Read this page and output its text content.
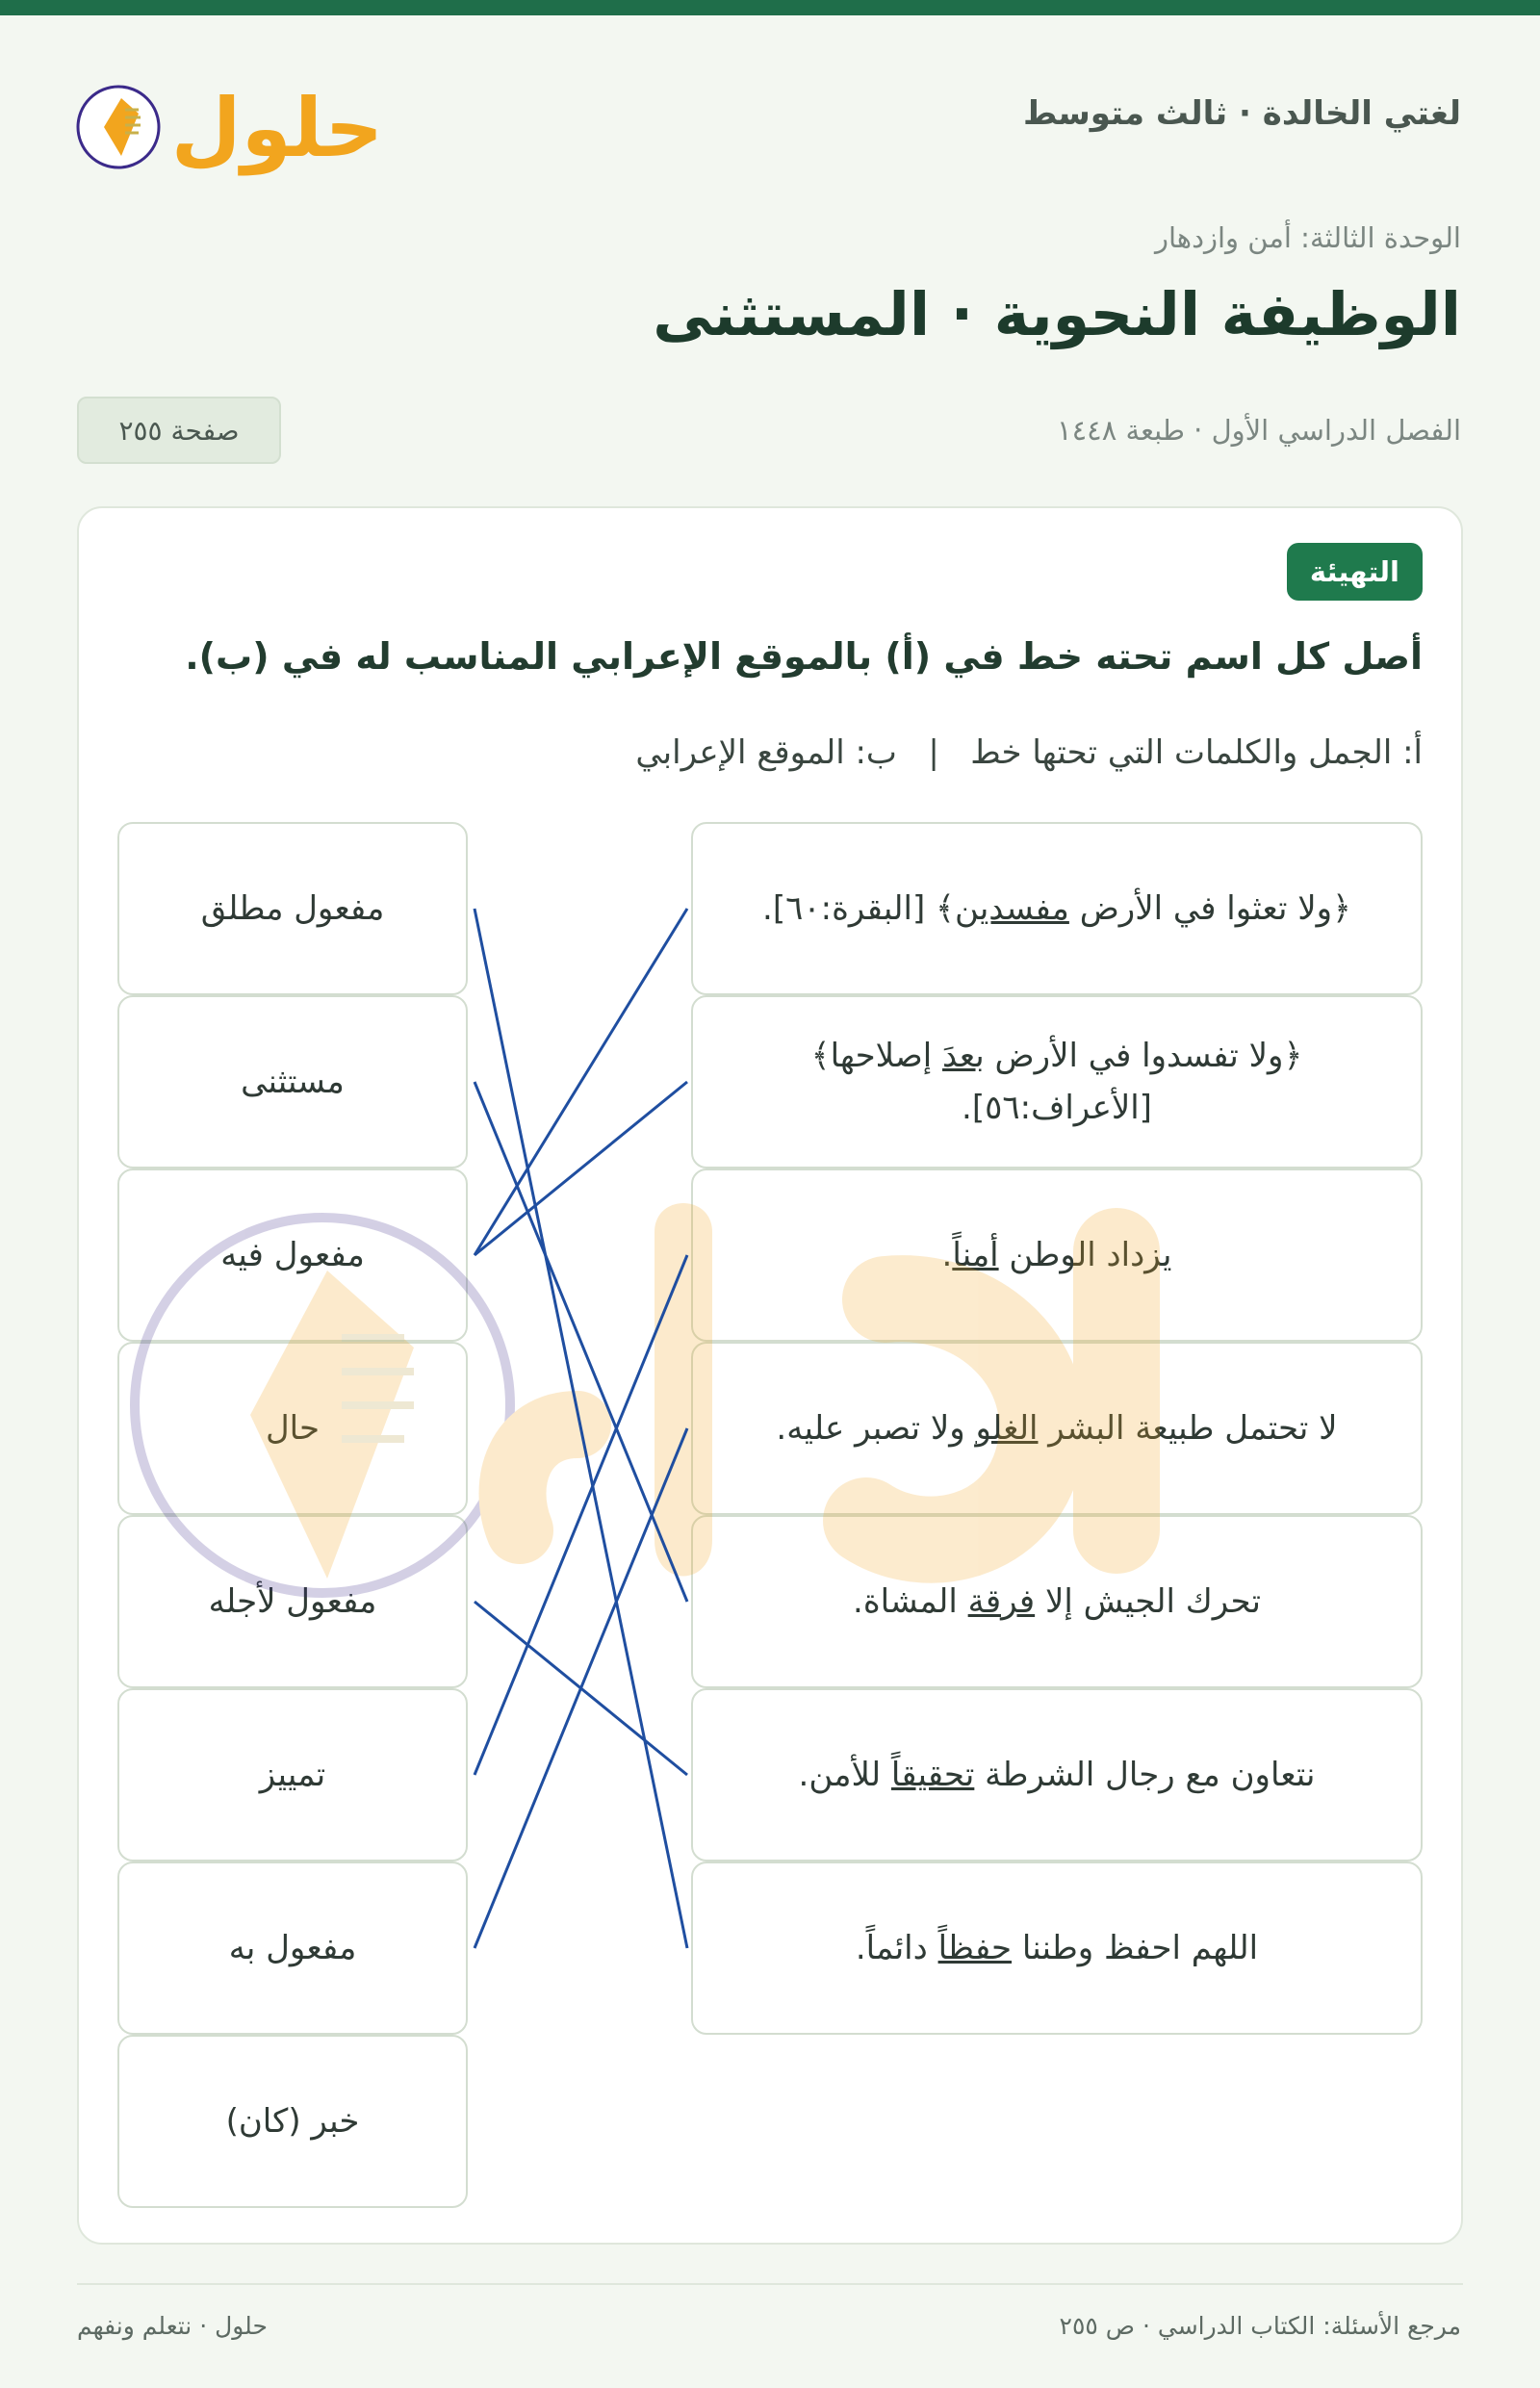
لغتي الخالدة · ثالث متوسط
حلول
الوحدة الثالثة: أمن وازدهار
الوظيفة النحوية · المستثنى
الفصل الدراسي الأول · طبعة ١٤٤٨
صفحة ٢٥٥
التهيئة
أصل كل اسم تحته خط في (أ) بالموقع الإعرابي المناسب له في (ب).
أ: الجمل والكلمات التي تحتها خط   |   ب: الموقع الإعرابي
﴿ولا تعثوا في الأرض مفسدين﴾ [البقرة:٦٠].
﴿ولا تفسدوا في الأرض بعدَ إصلاحها﴾
[الأعراف:٥٦].
يزداد الوطن أمناً.
لا تحتمل طبيعة البشر الغلو ولا تصبر عليه.
تحرك الجيش إلا فرقة المشاة.
نتعاون مع رجال الشرطة تحقيقاً للأمن.
اللهم احفظ وطننا حفظاً دائماً.
مفعول مطلق
مستثنى
مفعول فيه
حال
مفعول لأجله
تمييز
مفعول به
خبر (كان)
مرجع الأسئلة: الكتاب الدراسي · ص ٢٥٥
حلول · نتعلم ونفهم
